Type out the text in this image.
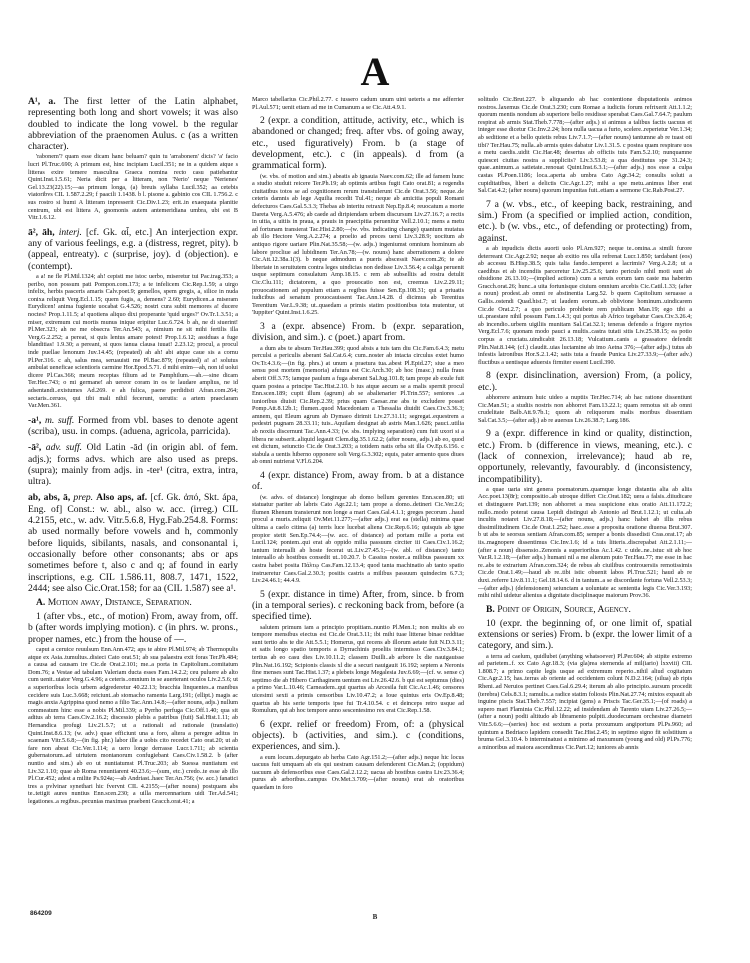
A

A¹, a. The first letter of the Latin alphabet, representing both long and short vowels; it was also doubled to indicate the long vowel. b the regular abbreviation of the praenomen Aulus. c (as a written character).

'rabonem'? quam esse dicam hanc beluam? quin tu 'arrabonem' dicis? 'a' facio lucri Pl.Truc.690; A primum est, hinc incipiam Lucil.351; ne in a quidem atque s litteras exire temere masculina Graeca nomina recto casu patiebantur Quint.Inst.1.5.61; Neria dicit per a litteram, non 'Nerio' neque 'Nerienes' Gel.13.23(22).15;—aa primum longa, (a) breuis syllaba Lucil.352; aa cetebis viatoribvs CIL 1.587.2.29; f paacili 1.1438. b l. pisone a. gabinio cos CIL 1.756.2. c sus rostro si humi A litteram inpresserit Cic.Div.1.23; erit..in exaequata planitie centrum, ubi est littera A, gnomonis autem antemeridiana umbra, ubi est B Vitr.1.6.12.

ā², āh, interj. [cf. Gk. αἶ, etc.] An interjection expr. any of various feelings, e.g. a (distress, regret, pity). b (appeal, entreaty). c (surprise, joy). d (objection). e (contempt).

a a! ne fle Pl.Mil.1324; ah! cepisti me istoc uerbo, miseretur tui Pac.trag.353; a peribo, non possum pati Pompon.com.173; a te infelicem Cic.Rep.1.59; a uirgo infelix, herbis pasceris amaris Calv.poet.9; gemellos, spem gregis, a, silice in nuda conixa reliquit Verg.Ecl.1.15; quem fugis, a, demens? 2.60; Eurydicen..a miseram Eurydicen! anima fugiente uocabat G.4.526; nostri cura subit memores a! ducere noctes? Prop.1.11.5; a! quotiens aliquo dixi properante 'quid urges?' Ov.Tr.1.3.51; a miser, extremum cui mortis munus inique eripitur Luc.6.724. b ah, ne di siuerint! Pl.Mer.323; ah ne me obsecra Ter.An.543; a, nimium ne sit mihi fertilis illa Verg.G.2.252; a pereat, si quis lentus amare potest! Prop.1.6.12; assiduas a fuge blanditias! 1.9.30; a pereant, si quos ianua clausa iuuat! 2.23.12; procul, a procul inde puellae lenonum Juv.14.45; (repeated) ah ah! abi atque caue sis a cornu Pl.Per.316. c ah, salus mea, seruauisti me Pl.Bac.879; (repeated) a! a! solutus ambulat ueneficae scientioris carmine Hor.Epod.5.71. d mihi enim—ah, non id uolui dicere Pl.Cas.366; meum receptas filium ad te Pamphilum.—ah.—sine dicam Ter.Hec.743; o mi germane! ah uereor coram in os te laudare amplius, ne id adsentandi..existumes Ad.269. e ah fulica, paene perdidisti Afran.com.264; sectaris..ceruos, qui tibi mali nihil fecerunt, uerutis: a artem praeclaram Var.Men.361.

-a¹, m. suff. Formed from vbl. bases to denote agent (scriba), usu. in comps. (aduena, agricola, parricida).

-ā², adv. suff. Old Latin -ād (in origin abl. of fem. adjs.); forms advs. which are also used as preps. (supra); mainly from adjs. in -ter¹ (citra, extra, intra, ultra).

ab, abs, ā, prep. Also aps, af. [cf. Gk. ἀπό, Skt. ápa, Eng. of] Const.: w. abl., also w. acc. (irreg.) CIL 4.2155, etc., w. adv. Vitr.5.6.8, Hyg.Fab.254.8. Forms: ab used normally before vowels and h, commonly before liquids, sibilants, nasals, and consonantal i, occasionally before other consonants; abs or aps sometimes before t, also c and q; af found in early inscriptions, e.g. CIL 1.586.11, 808.7, 1471, 1522, 2444; see also Cic.Orat.158; for aa (CIL 1.587) see a¹.

A. Motion away, Distance, Separation.

1 (after vbs., etc., of motion) From, away from, off. b (after words implying motion). c (in phrs. w. prons., proper names, etc.) from the house of —.

caput a ceruice reuulsum Enn.Ann.472; aps te abire Pl.Mil.974; ab Thermopulis atque ex Asia..tumultus..disieci Cato orat.51; ab sua palaestra exit foras Ter.Ph.484; a causa ad causam ire Cic.de Orat.2.101; me..a porta in Capitolium..comitatum Dom.76; a Vestae ad tabulam Valeriam ducta esses Fam.14.2.2; ceu puluere ab alto cum uenit..uiator Verg.G.4.96; a ceteris..omnium in se auerterant oculos Liv.2.5.6; ut a superioribus locis urbem adgrederetur 40.22.13; bracchia linquentes..a manibus cecidere suis Luc.3.668; reiciunt..ab stomacho ramenta Larg.191; (ellipt.) magis ac magis anxia Agrippina quod nemo a filio Tac.Ann.14.8;—(after nouns, adjs.) nullum commeatum hinc esse a nobis Pl.Mil.339; a Pyrrho perfuga Cic.Off.1.40; qua sit aditus ab terra Caes.Civ.2.16.2; discessio plebis a patribus (fuit) Sal.Hist.1.11; ab Hernandica profugi Liv.21.5.7; ut a rationali ad rationale (translatio) Quint.Inst.8.6.13; (w. adv.) quae efficiunt una a foro, altera a peregre aditus in scaenam Vitr.5.6.8;—(in fig. phr.) labor ille a uobis cito recedet Cato orat.20; ut ab fare non abeat Cic.Ver.1.114; a uero longe derrasse Lucr.1.711; ab scientia gubernatorum..ad uirtutem montanorum confugiebant Caes.Civ.1.58.2. b (after nuntio and sim.) ab eo ut nuntiatumst Pl.Truc.203; ab Suessa nuntiatum est Liv.32.1.10; quae ab Roma renuntiarent 40.23.6;—(sum, etc.) credo..te esse ab illo Pl.Cur.452; adest a milite Ps.924a;—ab Andriast..haec Ter.An.756; (w. acc.) fanatici tres a pvlvinar synethari hic fvervnt CIL 4.2155;—(after nouns) postquam abs te..tetigit aures nuntius Enn.scen.230; a uilla mercennarium uidi Ter.Ad.541; legationes..a regibus..pecunias maximas praebent Gracch.orat.41; a

Marco tabellarius Cic.Phil.2.77. c iussero cadum unum uini ueteris a me adferrier Pl.Aul.571; uenit etiam ad me in Cumanum a se Cic.Att.4.9.1.

2 (expr. a condition, attitude, activity, etc., which is abandoned or changed; freq. after vbs. of going away, etc., used figuratively) From. b (a stage of development, etc.). c (in appeals). d from (a grammatical form).

(w. vbs. of motion and sim.) abeatis ab ignauia Naev.com.62; ille ad famem hunc a studio studuit reicere Ter.Ph.19; ab optimis artibus fugit Cato orat.81; a regendis ciuitatibus totos se ad cognitionem rerum transtulerunt Cic.de Orat.3.56; neque..de ceteris damnis ab lege Aquilia recedit Tul.41; neque ab amicitia populi Romani defecturos Caes.Gal.5.3.3; Thebas ab interitu retraxit Nep.Ep.8.4; reuocatum a morte Dareta Verg.A.5.476; ab caede ad diripiendam urbem discursum Liv.27.16.7; a rectis in uitia, a uitiis in praua, a prauis in praecipitia peruenitur Vell.2.10.1; mens a metu ad fortunam transierat Tac.Hist.2.80;—(w. vbs. indicating change) quantum mutatus ab illo Hectore Verg.A.2.274; a proelio ad preces uersi Liv.3.28.9; uocitum ab antiquo rigore uariare Plin.Nat.35.58;—(w. adjs.) ingeniumst omnium hominum ab labore procliue ad lubidinem Ter.An.78;—(w. nouns) hanc aberrationem a dolore Cic.Att.12.38a.1(3). b neque admodum a pueris abscessit Naev.com.26; te ab libertate in seruitutem contra leges uindicias non dedisse Liv.3.56.4; a caliga peruenit usque septimum consulatum Amp.18.15. c rem ab subselliis ad rostra detulit Cic.Clu.111; dictatorem, a quo prouocatio non est, creemus Liv.2.29.11; prouocationem ad populum etiam a regibus fuisse Sen.Ep.108.31; qui a priuatis iudicibus ad senatum prouocauissent Tac.Ann.14.28. d dicimus ab Terentius Terentium Var.L.9.38; ut..quaedam a primis statim positionibus tota mutentur, ut 'Iuppiter' Quint.Inst.1.6.25.

3 a (expr. absence) From. b (expr. separation, division, and sim.). c (poet.) apart from.

a dum abs te absum Ter.Hau.399; quod absis a tuis tam diu Cic.Fam.6.4.3; metu perculsi a periculis aberant Sal.Cat.6.4; cum..noster ab intacta circulus extet humo Ov.Tr.4.3.6;—(in fig. phrs.) at unum a praetura tua..abest Pl.Epid.27; siue a meo sensu post mortem (memoria) afutura est Cic.Arch.30; ab hoc (masc.) nulla fraus aberit Off.3.75; iamque paulum a fuga aberant Sal.Jug.101.8; tam prope ab exule fuit quam postea a principe Tac.Hist.2.10. b ius atque aecum se a malis spernit procul Enn.scen.189; cupit illum (agrum) ab se abalienarier Pl.Trin.557; seniores ..a iunioribus diuisit Cic.Rep.2.39; prius quam Caesar..me abs te excludere posset Pomp.Att.8.12b.1; flumen..quod Macedoniam a Thessalia diuidit Caes.Civ.3.36.3; amnem, qui Eleum agrum ab Dymaeo dirimit Liv.27.31.11; segregat..equestrem a pedestri pugnam 28.33.11; tuis..Aquilam designat ab astris Man.1.626; pauci..utilia ab noxiis discernunt Tac.Ann.4.33; (w. sbs. implying separation) cum fuit uxori si a libera ne subserit..aliquid legauit Clem.dig.35.1.62.2; (after nouns, adjs.) ab eo, quod est dictum, seiunctio Cic.de Orat.3.203; a totidem natis orba sit illa Ov.Ep.6.156. c stabula a uentis hiberno opponere soli Verg.G.3.302; equis, pater armento quos diues ab omni nutrierat V.Fl.6.204.

4 (expr. distance) From, away from. b at a distance of.

(w. advs. of distance) longinque ab domo bellum gerentes Enn.scen.80; uti statuatur pariter ab labris Cato Agr.22.1; tam prope a domo..detineri Cic.Ver.2.6; flumen Rhenum transierunt non longe a mari Caes.Gal.4.1.1; greges pecorum ..haud procul a muris..reliquit Ov.Met.11.277;—(after adjs.) erat ea (stella) minima quae ultima a caelo citima (a) terris luce lucebat aliena Cic.Rep.6.16; quisquis ab igne propior stetit Sen.Ep.74.4;—(w. acc. of distance) ad portam mille a porta est Lucil.124; pontem..qui erat ab oppido milia passuum circiter iii Caes.Civ.1.16.2; tantum interualli ab hoste fecerat ut..Liv.27.45.1;—(w. abl. of distance) tanto interuallo ab hostibus consedit ut..10.20.7. b Cassius noster..a milibus passuum xx castra habet posita Πάλτῳ Cas.Fam.12.13.4; quod tanta machinatio ab tanto spatio instrueretur Caes.Gal.2.30.3; positis castris a milibus passuum quindecim 6.7.3; Liv.24.46.1; 44.4.9.

5 (expr. distance in time) After, from, since. b from (in a temporal series). c reckoning back from, before (a specified time).

salutem primum iam a principio propitiam..nuntio Pl.Men.1; non multis ab eo tempore mensibus eiectus est Cic.de Orat.3.11; ibi mihi tuae litterae binae redditae sunt tertio abs te die Att.5.5.1; Homerus, qui recens ab illorum aetate fuit N.D.3.11; et satis longo spatio temporis a Dyrrachinis proeliis intermisso Caes.Civ.3.84.1; tertius ab eo casu dies Liv.10.11.2; classem Duilli..ab arbore lx die nauigauisse Plin.Nat.16.192; Scipionis classis xl die a securi nauigauit 16.192; septem a Neronis fine menses sunt Tac.Hist.1.37; a plebeis longe Megalesia Juv.6.69;—(cf. w. sense c) septimo die ab Hibero Carthaginem uentum est Liv.26.42.6. b qui est septumus (dies) a primo Var.L.10.46; Carneadem..qui quartus ab Arcesila fuit Cic.Ac.1.46; censores uicesimi sexti a primis censoribus Liv.10.47.2; a Ioue quintus eris Ov.Ep.8.48; quartus ab his serie temporis ipse fui Tr.4.10.54. c et deinceps retro usque ad Romulum, qui ab hoc tempore anno sescentesimo rex erat Cic.Rep.1.58.

6 (expr. relief or freedom) From, of: a (physical objects). b (activities, and sim.). c (conditions, experiences, and sim.).

a eum locum..depurgato ab herba Cato Agr.151.2;—(after adjs.) neque hic locus uacuus fuit umquam ab eis qui uestram causam defenderent Cic.Man.2; (oppidum) uacuum ab defensoribus esse Caes.Gal.2.12.2; uacua ab hostibus castra Liv.23.36.4; purus ab arboribus..campus Ov.Met.3.709;—(after nouns) erat ab oratoribus quaedam in foro

solitudo Cic.Brut.227. b aliquando ab hac contentione disputationis animos nostros..laxemus Cic.de Orat.3.230; cum Romae a iudiciis forum refrixerit Att.1.1.2; quorum mentis nondum ab superiore bello residisse sperabat Caes.Gal.7.64.7; paulum respirat ab armis Stat.Theb.7.778;—(after adjs.) si animus a talibus factis uacuus et integer esse dicetur Cic.Inv.2.24; hora nulla uacua a furto, scelere..reperietur Ver.1.34; ab seditione et a bello quietis rebus Liv.7.1.7;—(after nouns) tantumne ab re tuast oti tibi? Ter.Hau.75; nulla..ab armis quies dabatur Liv.1.31.5. c postea quam respirare uos a metu caedis..uidit Cic.Har.48; desertus ab officiis tuis Fam.5.2.10; nunquamne quiescet ciuitas nostra a suppliciis? Liv.3.53.8; a qua destitutus spe 31.24.3; quae..animum..a satietate..renouat Quint.Inst.6.3.1;—(after adjs.) nos esse a culpa castas Pl.Poen.1186; loca..aperta ab umbra Cato Agr.34.2; consulis soluti a cupiditatibus, liberi a delictis Cic.Agr.1.27; mihi a spe metu..animus liber erat Sal.Cat.4.2; (after nouns) quorum impunitas fuit..etiam a sermone Cic.Rab.Post.27.

7 a (w. vbs., etc., of keeping back, restraining, and sim.) From (a specified or implied action, condition, etc.). b (w. vbs., etc., of defending or protecting) from, against.

a ab inpudicis dictis auorti uolo Pl.Am.927; neque te..omina..a simili furore deterreant Cic.Agr.2.92; neque ab exitio res ulla refrenat Lucr.1.850; tardabant (eos) ab accessu B.Hisp.38.5; quis talia fando..temperet a lacrimis? Verg.A.2.8; ut a caedibus et ab incendiis parceretur Liv.25.25.6; tanto periculo nihil moti sunt ab obsidione 26.13.10;—(implied actions) cum a seruis eorum tam caste ma haberim Gracch.orat.26; hunc..a uita fortunisque ciuium omnium arcebis Cic.Catil.1.33; (after a noun) prodest..ab omni re abstinentia Larg.52. b quem Capitolium seruasse a Gallis..ostendi Quad.hist.7; ut laudem eorum..ab oblivione hominum..uindicarem Cic.de Orat.2.7; a quo periculo prohibete rem publicam Man.19; ego tibi a ui..praestare nihil possum Fam.1.4.3; qui portus ab Africo tegebatur Caes.Civ.3.26.4; ab incendio..urbem uigiliis munitam Sal.Cat.32.1; teneras defendo a frigore myrtos Verg.Ecl.7.6; quonam modo pauci a multis..castra tutati sitis Liv.25.38.15; ea potio corpus a cruciatu..uindicabit 26.13.18; Vulcatium..canis a grassatore defendit Plin.Nat.8.144; (cf.) claudit..uias luctamine ab imo Aetna 376;—(after adjs.) tutus ab infestis latronibus Hor.S.2.1.42; satis tuta a fraude Punica Liv.27.33.9;—(after adv.) fluctibus a uentisque aduersis firmiter essent Lucil.390.

8 (expr. disinclination, aversion) From, (a policy, etc.).

abhorrere animum huic uideo a nuptiis Ter.Hec.714; ab hac ratione dissentiunt Cic.Man.51; a studiis nostris non abhorret Fam.13.22.1; quam remotus sit ab omni crudelitate Balb.Att.9.7b.1; quom ab reliquorum malis moribus dissentiam Sal.Cat.3.5;—(after adj.) ab re auersus Liv.26.38.7; Larg.186.

9 a (expr. difference in kind or quality, distinction, etc.) From. b (difference in views, meaning, etc.). c (lack of connexion, irrelevance); haud ab re, opportunely, relevantly, favourably. d (inconsistency, incompatibility).

a quae uaria sint genera poematorum..quamque longe distantia alia ab aliis Acc.poet.13(8r); compositio..ab utroque differt Cic.Orat.182; uera a falsis..diiudicare et distinguere Part.139; non abhorret a mea suspicione eius oratio Att.11.172.2; nullo..modo poterat causa Lepidi distingui ab Antonio ad Brut.1.12.1; ut culta..ab incultis notaret Liv.27.8.18;—(after nouns, adjs.) hanc habet ab illis rebus dissimilitudinem Cic.de Orat.1.252; haec..esse a proposita oratione diuersa Brut.307. b ut abs te seorsus sentiam Afran.com.85; semper a bonis dissedisti Cras.orat.17; ab iis..magnopere dissentimus Cic.Inv.1.6; id a tuis litteris..discrepabat Att.2.1.11;—(after a noun) dissensio..Zenonis a superioribus Ac.1.42. c uide..ne..istuc sit ab hoc Var.R.1.2.18;—(after adjs.) humani nil a me alienum puto Ter.Hau.77; me esse in hac re..abs te extrarium Afran.com.324; de rebus ab ciuilibus controuersiis remotissimis Cic.de Orat.1.49;—haud ab re..tibi istic obuenit labos Pl.Truc.521; haud ab re duxi..referre Liv.8.11.1; Gel.18.14.6. d in tantum..a se discordante fortuna Vell.2.53.3;—(after adjs.) (defensionem) seiunctam a uoluntate ac sententia legis Cic.Ver.3.193; mihi nihil uidetur alienius a dignitate disciplinaque maiorum Prov.36.

B. Point of Origin, Source, Agency.

10 (expr. the beginning of, or one limit of, spatial extensions or series) From. b (expr. the lower limit of a category, and sim.).

a terra ad caelum, quidlubet (anything whatsoever) Pl.Per.604; ab stipite extremo ad parietem..f. xx Cato Agr.18.3; (via gla)rea sternenda af mil(iario) lxxviii) CIL 1.808.7; a primo capite legis usque ad extremum reperio..nihil aliud cogitatum Cic.Agr.2.15; has..terras ab oriente ad occidentem colunt N.D.2.164; (silua) ab ripis Rheni..ad Neruios pertinet Caes.Gal.6.29.4; iterum ab alio principio..sursum procedit (terebra) Cels.8.3.1; ramulis..a radice statim foliosis Plin.Nat.27.74; mixtos expauit ab inguine piscis Stat.Theb.7.557; incipiat (gens) a Priscis Tac.Ger.35.1;—(of roads) a supero mari Flaminia Cic.Phil.12.22; ad insidendam ab Tarento uiam Liv.27.26.5;—(after a noun) podii altitudo ab libramento pulpiti..duodecumam orchestrae diametri Vitr.5.6.6;—(series) hoc est sextum a porta proxumum angiportum Pl.Ps.960; ad quintum a Bedriaco lapidem consedit Tac.Hist.2.45; in septimo signo fit solstitium a bruma Gel.3.10.4. b interminatust a minimo ad maxumum (young and old) Pl.Ps.776; a minoribus ad maiora ascendimus Cic.Part.12; iuniores ab annis

864209	B
